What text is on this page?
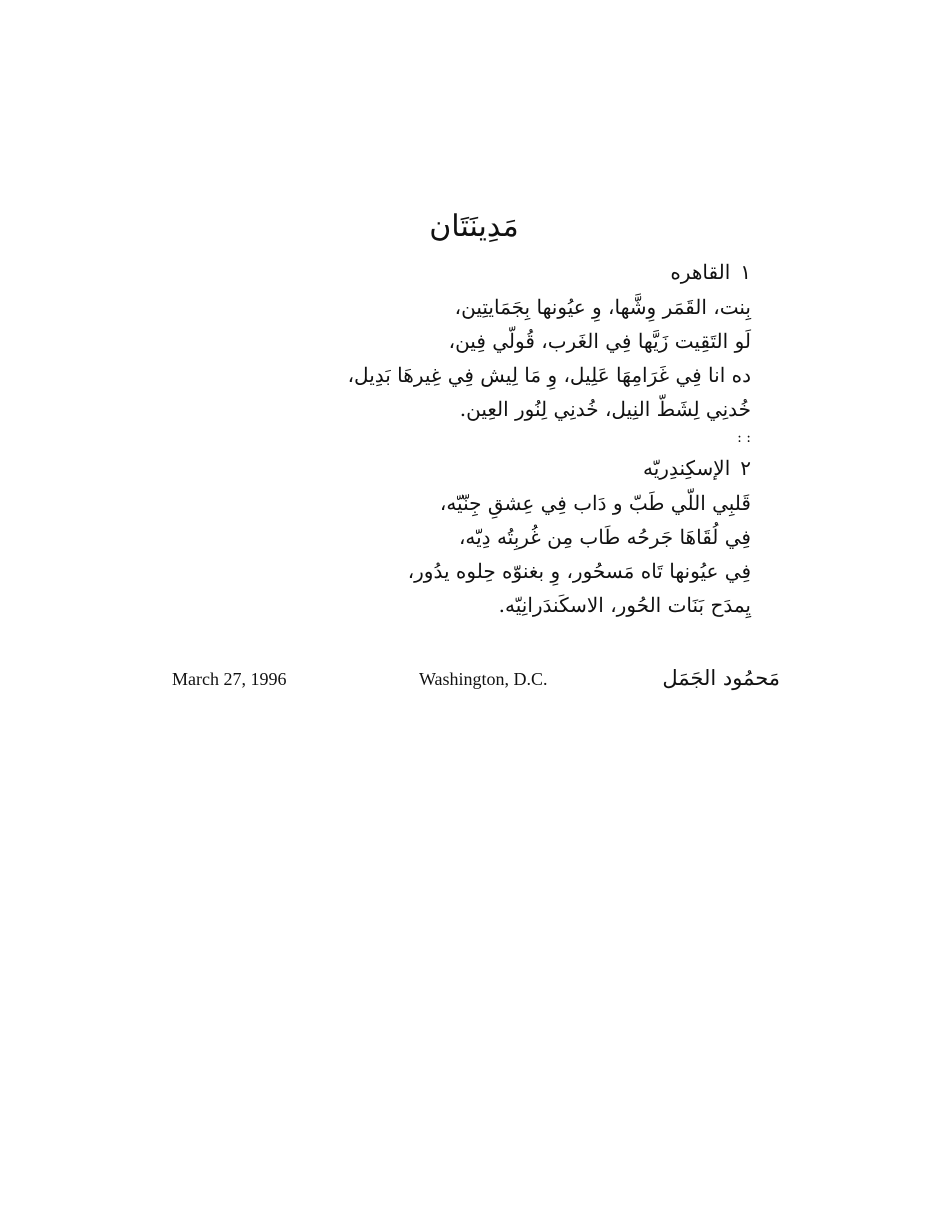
مَدِينَتَان
١القاهره
بِنت، القَمَر وِشَّها، وِ عيُونها بِجَمَايتِين،
لَو التَقِيت زَيَّها فِي الغَرب، قُولّي فِين،
ده انا فِي غَرَامِهَا عَلِيل، وِ مَا لِيش فِي غِيرهَا بَدِيل،
خُدنِي لِشَطّ النِيل، خُدنِي لِنُور العِين.
: :
٢الإسكِندِريّه
قَلبِي اللّي طَبّ و دَاب فِي عِشقِ جِنّيّه،
فِي لُقَاهَا جَرحُه طَاب مِن غُربِتُه دِيّه،
فِي عيُونها تَاه مَسحُور، وِ بغنوّه حِلوه يدُور،
يِمدَح بَنَات الحُور، الاسكَندَرانِيّه.
March 27, 1996	Washington, D.C.	مَحمُود الجَمَل
